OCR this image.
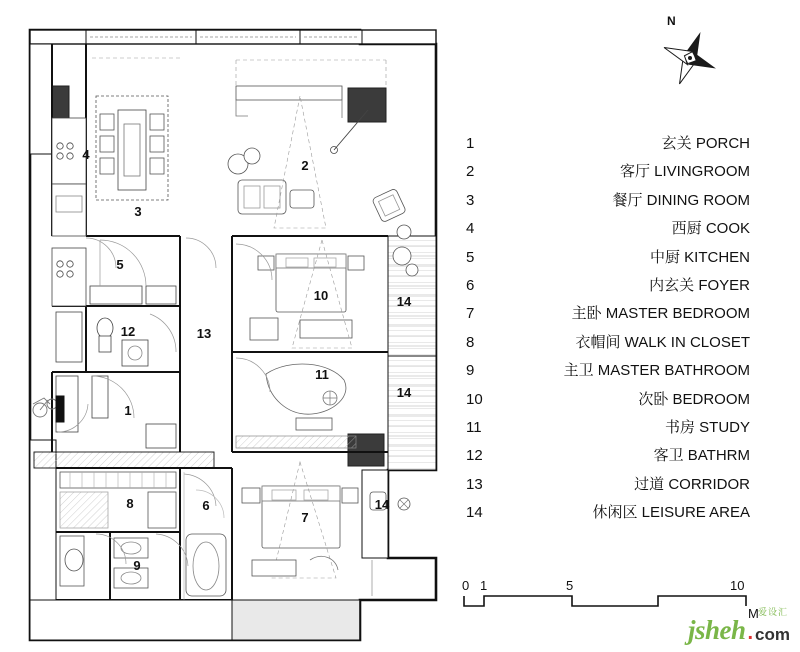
4
3
5
12	13
1
2
10
11
14
14
14
8	6
7
9
N
1	玄关 PORCH
2	客厅 LIVINGROOM
3	餐厅 DINING ROOM
4	西厨 COOK
5	中厨 KITCHEN
6	内玄关 FOYER
7	主卧 MASTER BEDROOM
8	衣帽间 WALK IN CLOSET
9	主卫 MASTER BATHROOM
10	次卧 BEDROOM
11	书房 STUDY
12	客卫 BATHRM
13	过道 CORRIDOR
14	休闲区 LEISURE AREA
0 1	5	10
M
jsheh . com
爱设汇
